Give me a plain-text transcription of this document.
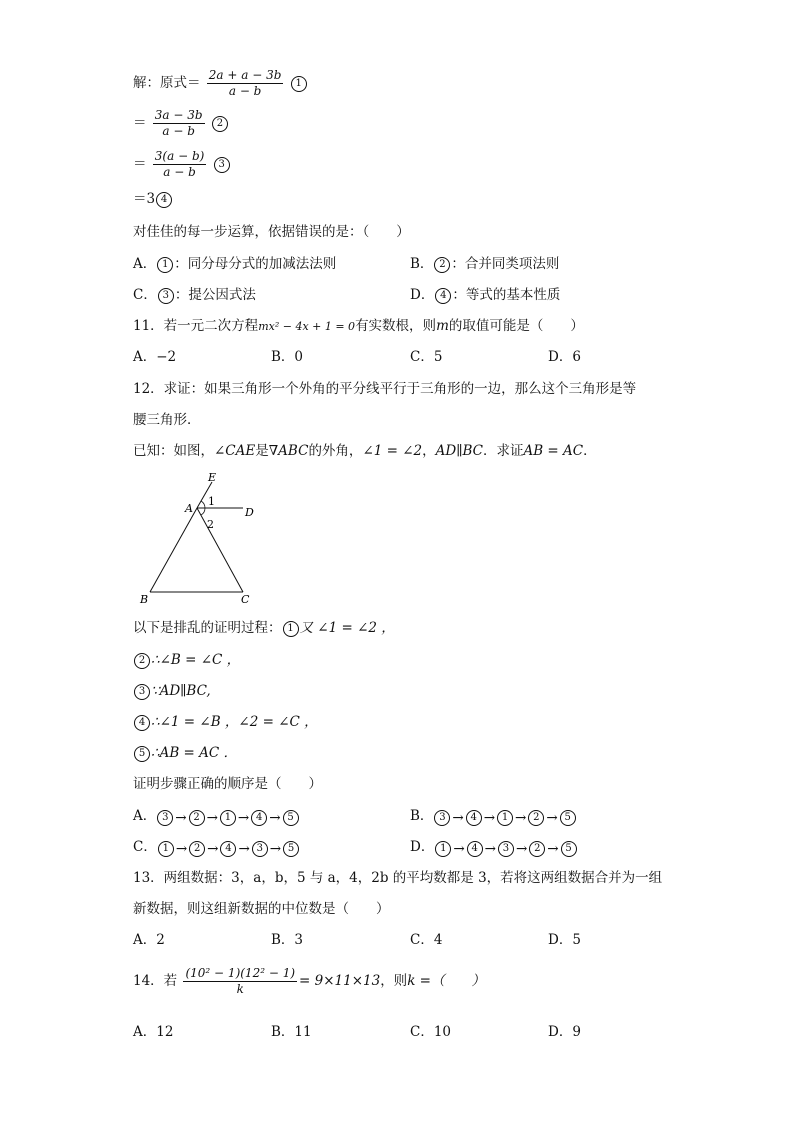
解：原式＝ $\frac{2a + a - 3b}{a - b} 1$
＝ $\frac{3a - 3b}{a - b} 2$
＝ $\frac{3(a - b)}{a - b} 3$
＝3 4
对佳佳的每一步运算，依据错误的是：（　　）
A． 1 ：同分母分式的加减法法则	B． 2 ：合并同类项法则
C． 3 ：提公因式法	D． 4 ：等式的基本性质
11．若一元二次方程mx² − 4x + 1 = 0有实数根，则m的取值可能是（　　）
A．−2	B．0	C．5	D．6
12．求证：如果三角形一个外角的平分线平行于三角形的一边，那么这个三角形是等
腰三角形．
已知：如图，∠CAE是∇ABC的外角，∠1 = ∠2，AD∥BC．求证AB = AC．
E
A	D
B	C
1
2
以下是排乱的证明过程： 1 又 ∠1 = ∠2 ，
2 ∴∠B = ∠C ，
3 ∵AD∥BC,
4 ∴∠1 = ∠B ，∠2 = ∠C ，
5 ∴AB = AC ．
证明步骤正确的顺序是（　　）
A． 3 → 2 → 1 → 4 → 5	B． 3 → 4 → 1 → 2 → 5
C． 1 → 2 → 4 → 3 → 5	D． 1 → 4 → 3 → 2 → 5
13．两组数据：3，a，b，5 与 a，4，2b 的平均数都是 3，若将这两组数据合并为一组
新数据，则这组新数据的中位数是（　　）
A．2	B．3	C．4	D．5
14．若 $\frac{\text{(10² − 1)(12² − 1)}}{k} = 9\times 11\times 13$，则k =（　　）
A．12	B．11	C．10	D．9
